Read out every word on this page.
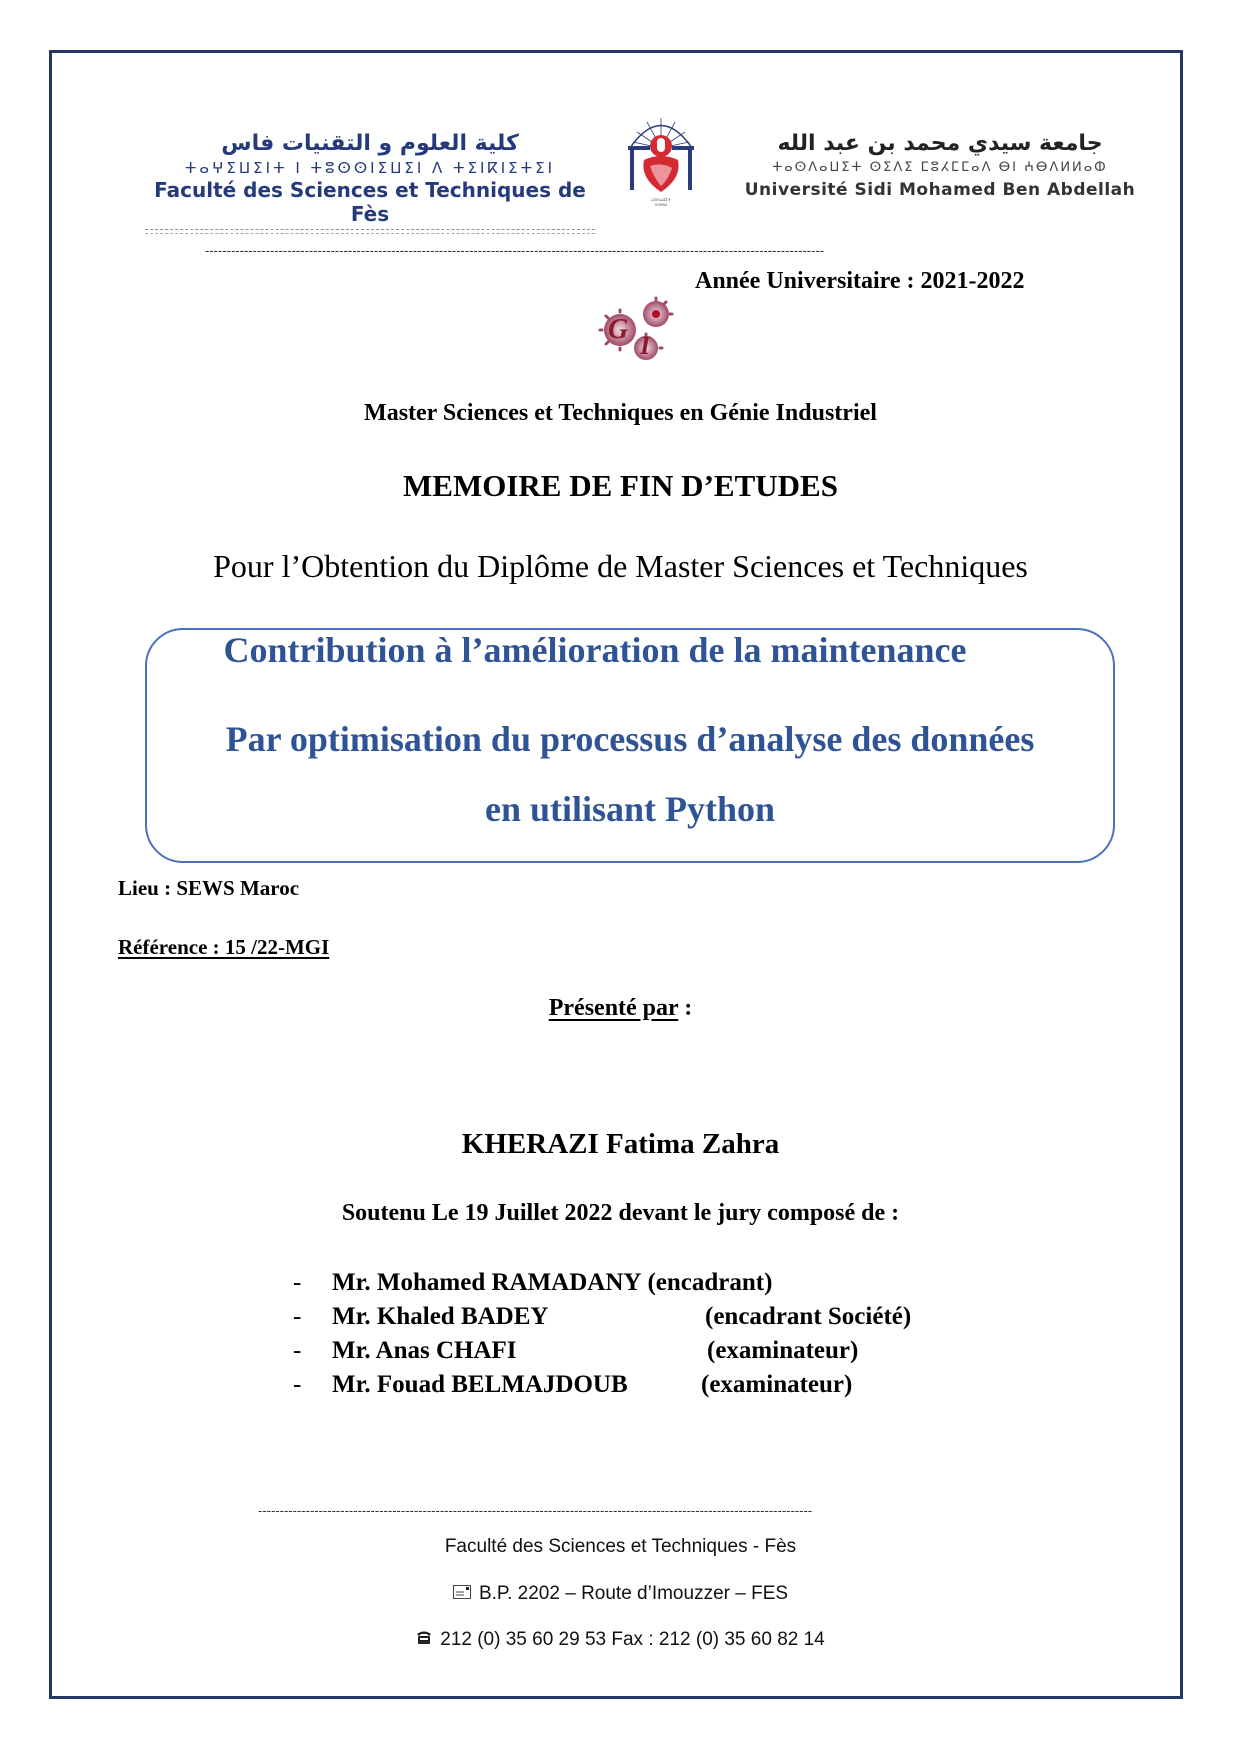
كلية العلوم و التقنيات فاس
ⵜⴰⵖⵉⵡⵉⵏⵜ ⵏ ⵜⵓⵙⵙⵏⵉⵡⵉⵏ ⴷ ⵜⵉⵏⴽⵏⵉⵜⵉⵏ
Faculté des Sciences et Techniques de Fès
ⴰⵙⴷⴰⵡⵉⵜ
USMBA
جامعة سيدي محمد بن عبد الله
ⵜⴰⵙⴷⴰⵡⵉⵜ ⵙⵉⴷⵉ ⵎⵓⵃⵎⵎⴰⴷ ⴱⵏ ⵄⴱⴷⵍⵍⴰⵀ
Université Sidi Mohamed Ben Abdellah
-----------------------------------------------------------------------------------------------------------------------------------------------
Année Universitaire : 2021-2022
G
I
Master Sciences et Techniques en Génie Industriel
MEMOIRE DE FIN D’ETUDES
Pour l’Obtention du Diplôme de Master Sciences et Techniques
Contribution à l’amélioration de la maintenance
Par optimisation du processus d’analyse des données
en utilisant Python
Lieu : SEWS Maroc
Référence : 15 /22-MGI
Présenté par :
KHERAZI Fatima Zahra
Soutenu Le 19 Juillet 2022 devant le jury composé de :
-	Mr. Mohamed RAMADANY (encadrant)
-	Mr. Khaled BADEY	(encadrant Société)
-	Mr. Anas CHAFI	(examinateur)
-	Mr. Fouad BELMAJDOUB	(examinateur)
--------------------------------------------------------------------------------------------------------------------------------
Faculté des Sciences et Techniques - Fès
B.P. 2202 – Route d’Imouzzer – FES
212 (0) 35 60 29 53 Fax : 212 (0) 35 60 82 14
